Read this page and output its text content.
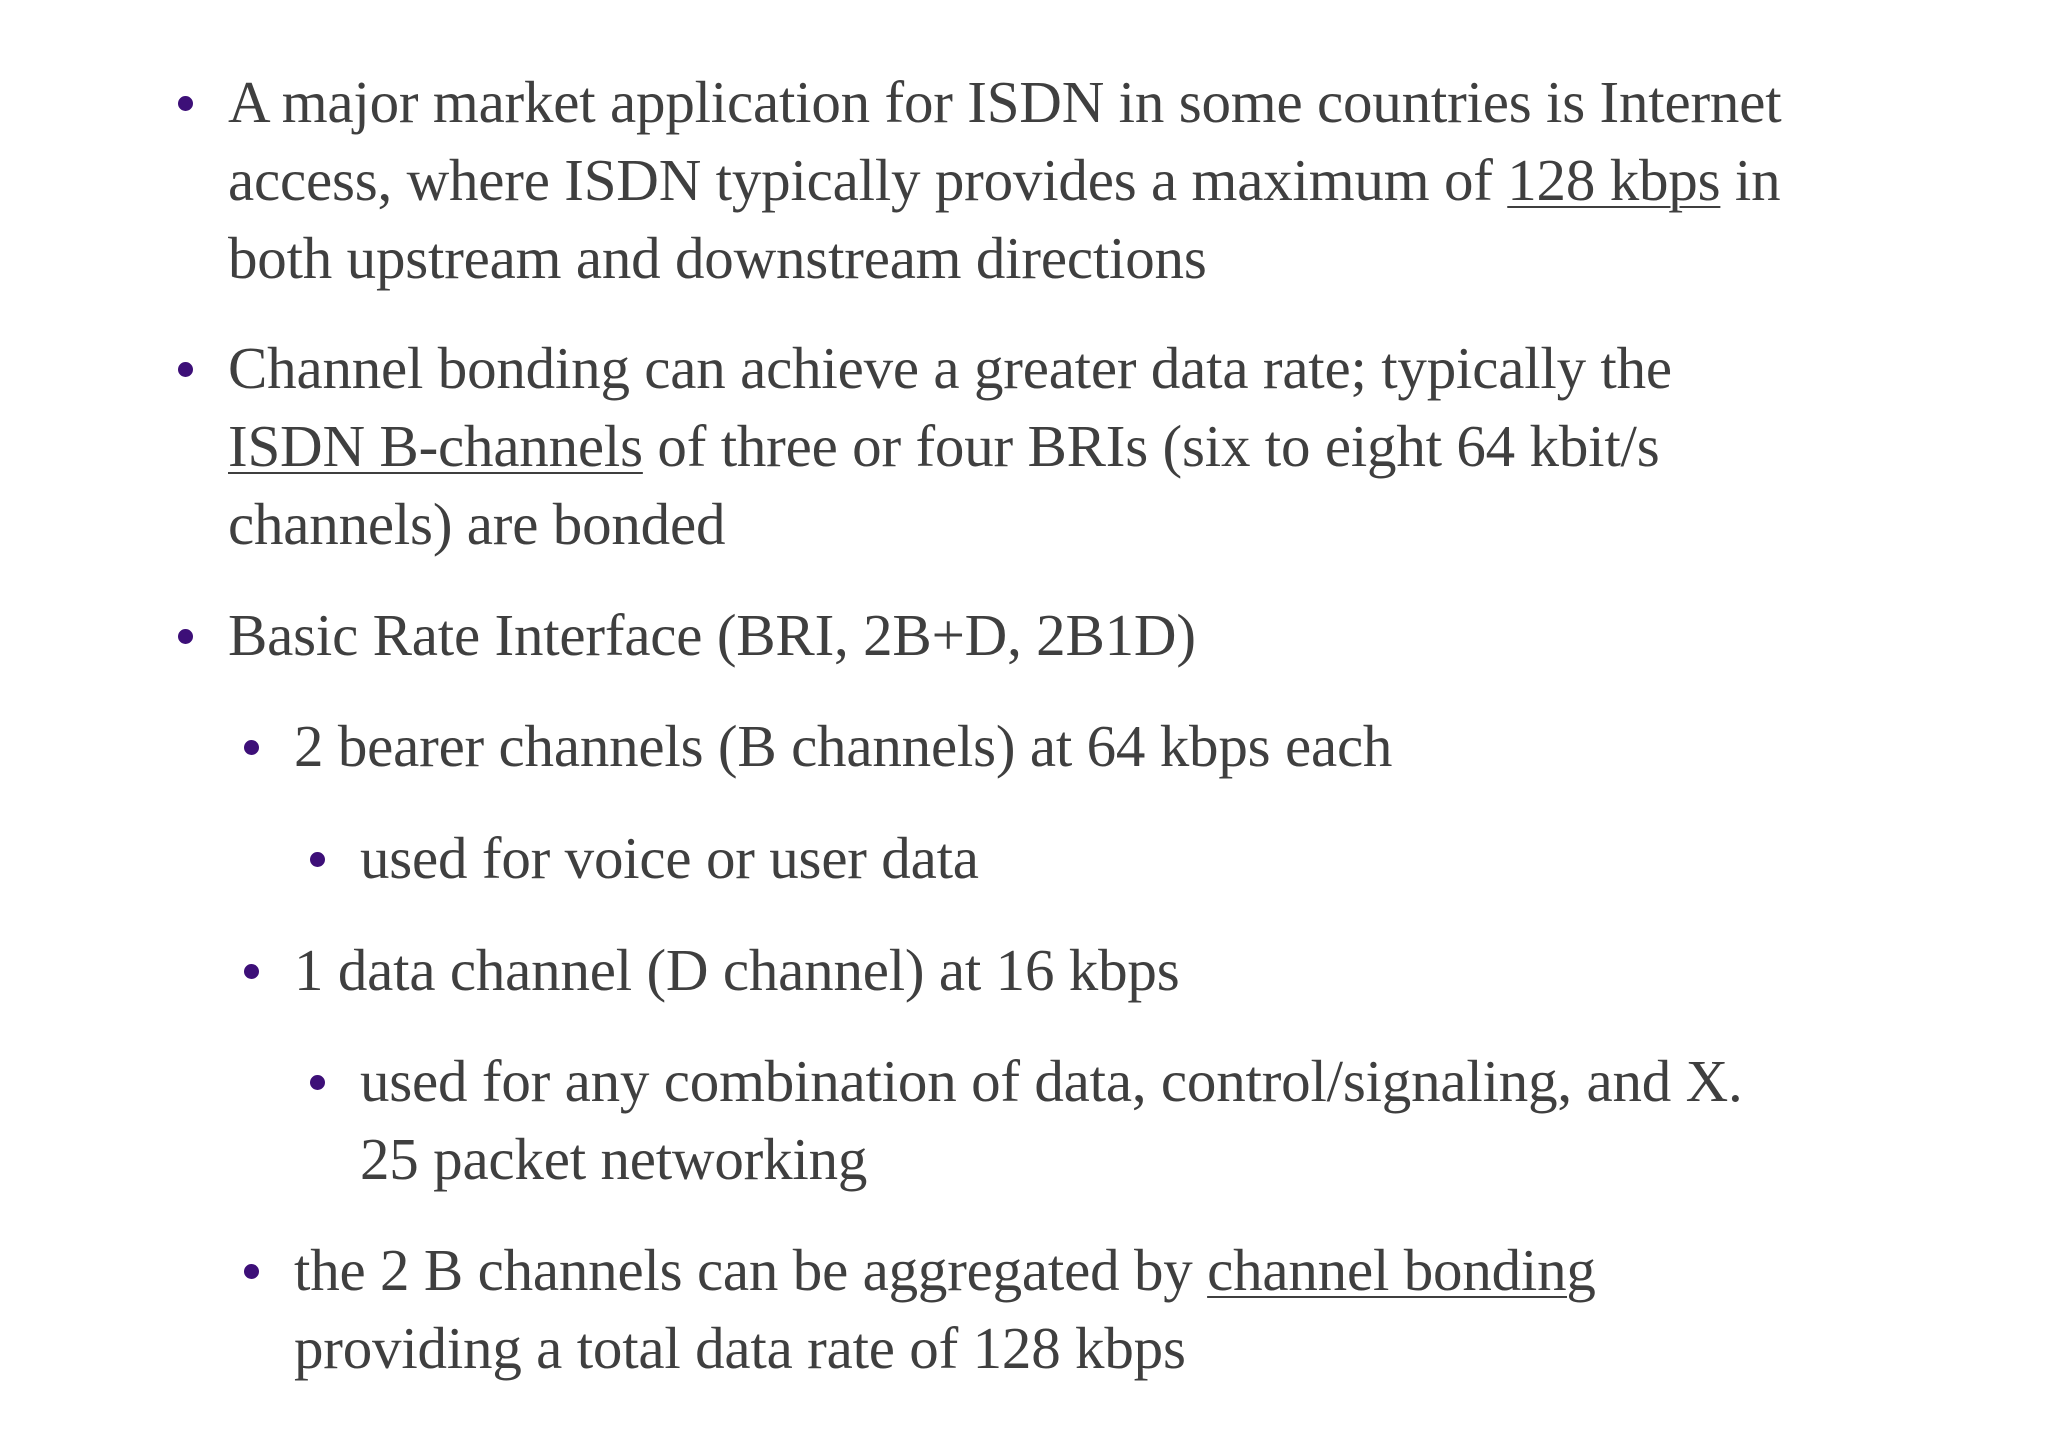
A major market application for ISDN in some countries is Internet
access, where ISDN typically provides a maximum of 128 kbps in
both upstream and downstream directions
Channel bonding can achieve a greater data rate; typically the
ISDN B-channels of three or four BRIs (six to eight 64 kbit/s
channels) are bonded
Basic Rate Interface (BRI, 2B+D, 2B1D)
2 bearer channels (B channels) at 64 kbps each
used for voice or user data
1 data channel (D channel) at 16 kbps
used for any combination of data, control/signaling, and X.
25 packet networking
the 2 B channels can be aggregated by channel bonding
providing a total data rate of 128 kbps
